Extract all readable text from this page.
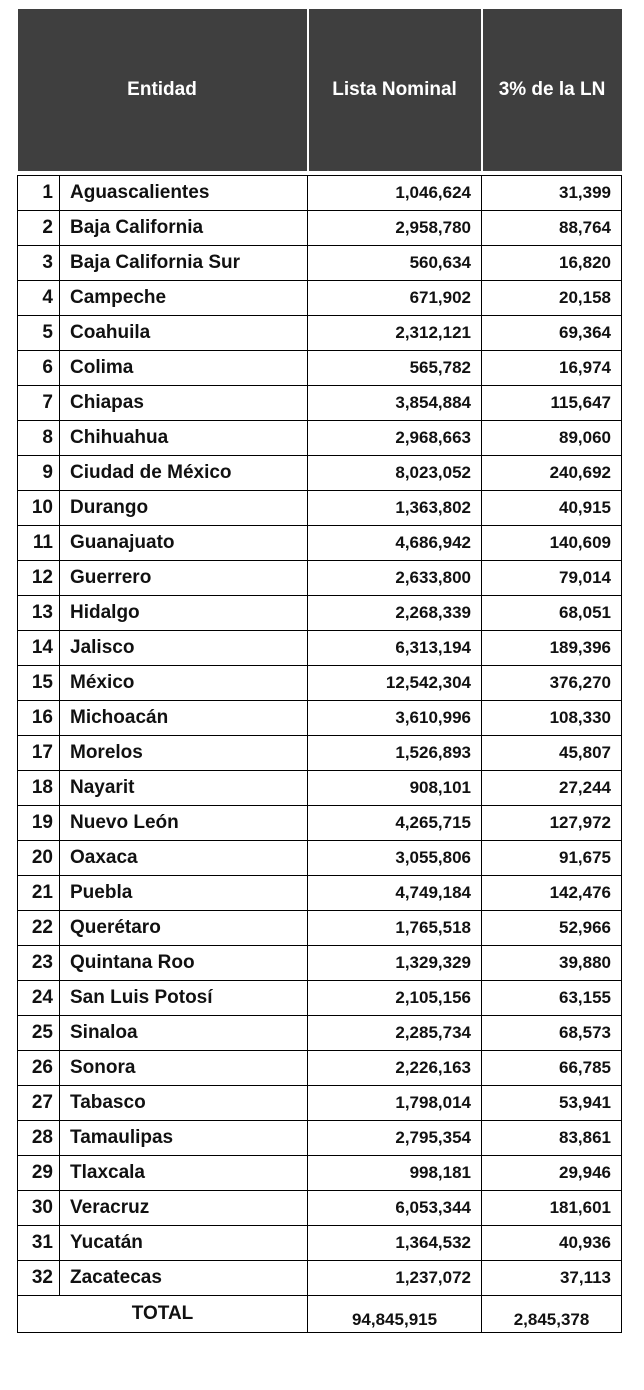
Entidad		Lista Nominal	3% de la LN

1	Aguascalientes	1,046,624	31,399
2	Baja California	2,958,780	88,764
3	Baja California Sur	560,634	16,820
4	Campeche	671,902	20,158
5	Coahuila	2,312,121	69,364
6	Colima	565,782	16,974
7	Chiapas	3,854,884	115,647
8	Chihuahua	2,968,663	89,060
9	Ciudad de México	8,023,052	240,692
10	Durango	1,363,802	40,915
11	Guanajuato	4,686,942	140,609
12	Guerrero	2,633,800	79,014
13	Hidalgo	2,268,339	68,051
14	Jalisco	6,313,194	189,396
15	México	12,542,304	376,270
16	Michoacán	3,610,996	108,330
17	Morelos	1,526,893	45,807
18	Nayarit	908,101	27,244
19	Nuevo León	4,265,715	127,972
20	Oaxaca	3,055,806	91,675
21	Puebla	4,749,184	142,476
22	Querétaro	1,765,518	52,966
23	Quintana Roo	1,329,329	39,880
24	San Luis Potosí	2,105,156	63,155
25	Sinaloa	2,285,734	68,573
26	Sonora	2,226,163	66,785
27	Tabasco	1,798,014	53,941
28	Tamaulipas	2,795,354	83,861
29	Tlaxcala	998,181	29,946
30	Veracruz	6,053,344	181,601
31	Yucatán	1,364,532	40,936
32	Zacatecas	1,237,072	37,113
TOTAL		94,845,915	2,845,378
